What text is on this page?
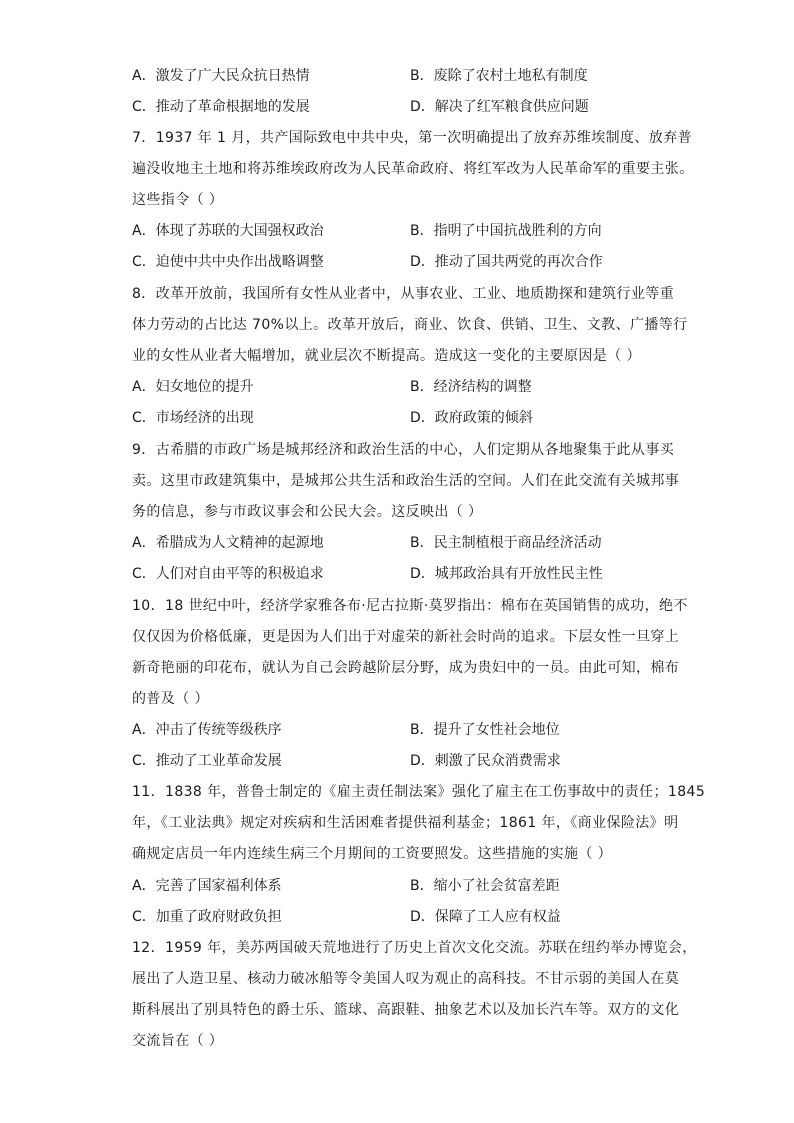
A．激发了广大民众抗日热情	B．废除了农村土地私有制度
C．推动了革命根据地的发展	D．解决了红军粮食供应问题
7．1937 年 1 月，共产国际致电中共中央，第一次明确提出了放弃苏维埃制度、放弃普
遍没收地主土地和将苏维埃政府改为人民革命政府、将红军改为人民革命军的重要主张。
这些指令（ ）
A．体现了苏联的大国强权政治	B．指明了中国抗战胜利的方向
C．迫使中共中央作出战略调整	D．推动了国共两党的再次合作
8．改革开放前，我国所有女性从业者中，从事农业、工业、地质勘探和建筑行业等重
体力劳动的占比达 70%以上。改革开放后，商业、饮食、供销、卫生、文教、广播等行
业的女性从业者大幅增加，就业层次不断提高。造成这一变化的主要原因是（ ）
A．妇女地位的提升	B．经济结构的调整
C．市场经济的出现	D．政府政策的倾斜
9．古希腊的市政广场是城邦经济和政治生活的中心，人们定期从各地聚集于此从事买
卖。这里市政建筑集中，是城邦公共生活和政治生活的空间。人们在此交流有关城邦事
务的信息，参与市政议事会和公民大会。这反映出（ ）
A．希腊成为人文精神的起源地	B．民主制植根于商品经济活动
C．人们对自由平等的积极追求	D．城邦政治具有开放性民主性
10．18 世纪中叶，经济学家雅各布·尼古拉斯·莫罗指出：棉布在英国销售的成功，绝不
仅仅因为价格低廉，更是因为人们出于对虚荣的新社会时尚的追求。下层女性一旦穿上
新奇艳丽的印花布，就认为自己会跨越阶层分野，成为贵妇中的一员。由此可知，棉布
的普及（ ）
A．冲击了传统等级秩序	B．提升了女性社会地位
C．推动了工业革命发展	D．刺激了民众消费需求
11．1838 年，普鲁士制定的《雇主责任制法案》强化了雇主在工伤事故中的责任；1845
年，《工业法典》规定对疾病和生活困难者提供福利基金；1861 年，《商业保险法》明
确规定店员一年内连续生病三个月期间的工资要照发。这些措施的实施（ ）
A．完善了国家福利体系	B．缩小了社会贫富差距
C．加重了政府财政负担	D．保障了工人应有权益
12．1959 年，美苏两国破天荒地进行了历史上首次文化交流。苏联在纽约举办博览会，
展出了人造卫星、核动力破冰船等令美国人叹为观止的高科技。不甘示弱的美国人在莫
斯科展出了别具特色的爵士乐、篮球、高跟鞋、抽象艺术以及加长汽车等。双方的文化
交流旨在（ ）
